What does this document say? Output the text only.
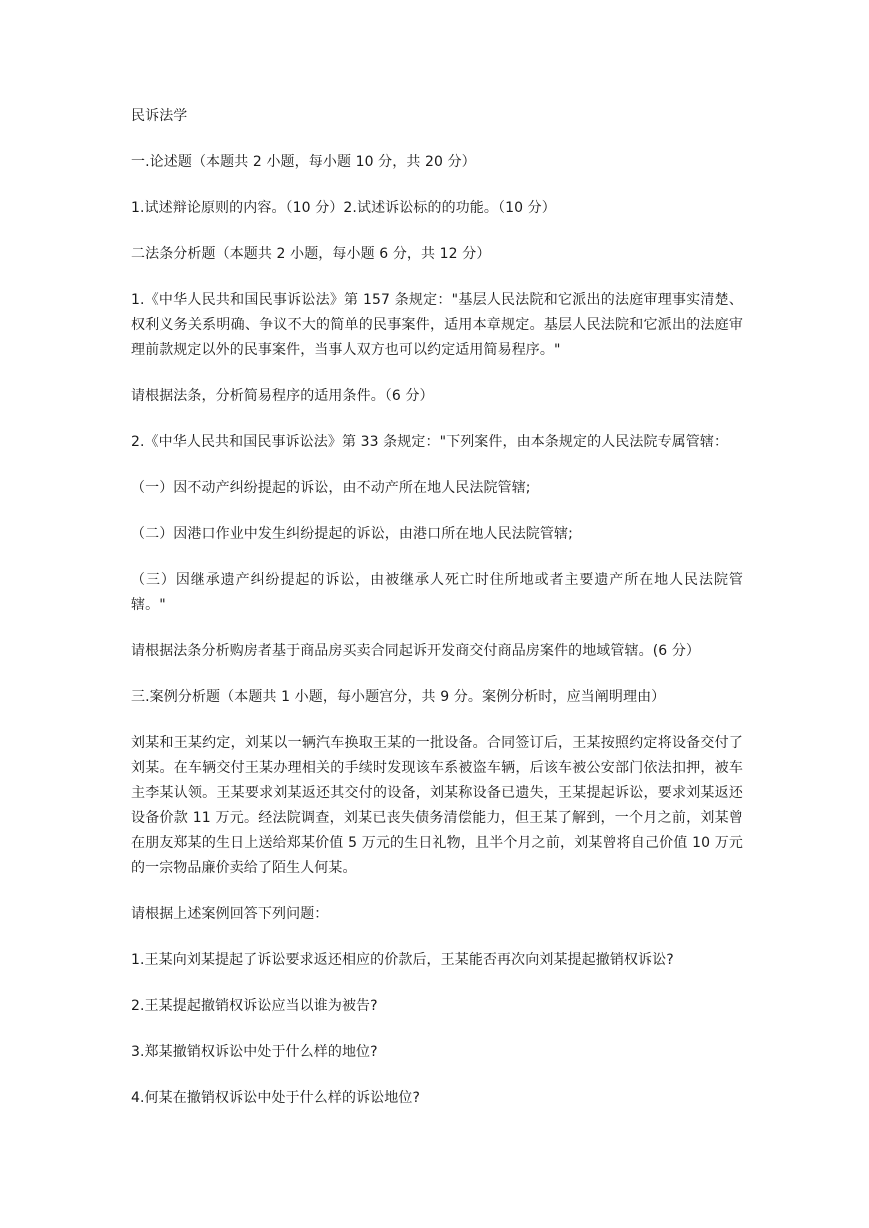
民诉法学

一.论述题（本题共 2 小题，每小题 10 分，共 20 分）

1.试述辩论原则的内容。（10 分）2.试述诉讼标的的功能。（10 分）

二法条分析题（本题共 2 小题，每小题 6 分，共 12 分）

1.《中华人民共和国民事诉讼法》第 157 条规定："基层人民法院和它派出的法庭审理事实清楚、权利义务关系明确、争议不大的简单的民事案件，适用本章规定。基层人民法院和它派出的法庭审理前款规定以外的民事案件，当事人双方也可以约定适用简易程序。"

请根据法条，分析简易程序的适用条件。（6 分）

2.《中华人民共和国民事诉讼法》第 33 条规定："下列案件，由本条规定的人民法院专属管辖：

（一）因不动产纠纷提起的诉讼，由不动产所在地人民法院管辖;

（二）因港口作业中发生纠纷提起的诉讼，由港口所在地人民法院管辖;

（三）因继承遗产纠纷提起的诉讼，由被继承人死亡时住所地或者主要遗产所在地人民法院管辖。"

请根据法条分析购房者基于商品房买卖合同起诉开发商交付商品房案件的地域管辖。(6 分）

三.案例分析题（本题共 1 小题，每小题宫分，共 9 分。案例分析时，应当阐明理由）

刘某和王某约定，刘某以一辆汽车换取王某的一批设备。合同签订后，王某按照约定将设备交付了刘某。在车辆交付王某办理相关的手续时发现该车系被盗车辆，后该车被公安部门依法扣押，被车主李某认领。王某要求刘某返还其交付的设备，刘某称设备已遗失，王某提起诉讼，要求刘某返还设备价款 11 万元。经法院调查，刘某已丧失债务清偿能力，但王某了解到，一个月之前，刘某曾在朋友郑某的生日上送给郑某价值 5 万元的生日礼物，且半个月之前，刘某曾将自己价值 10 万元的一宗物品廉价卖给了陌生人何某。

请根据上述案例回答下列问题：

1.王某向刘某提起了诉讼要求返还相应的价款后，王某能否再次向刘某提起撤销权诉讼?

2.王某提起撤销权诉讼应当以谁为被告?

3.郑某撤销权诉讼中处于什么样的地位?

4.何某在撤销权诉讼中处于什么样的诉讼地位?
